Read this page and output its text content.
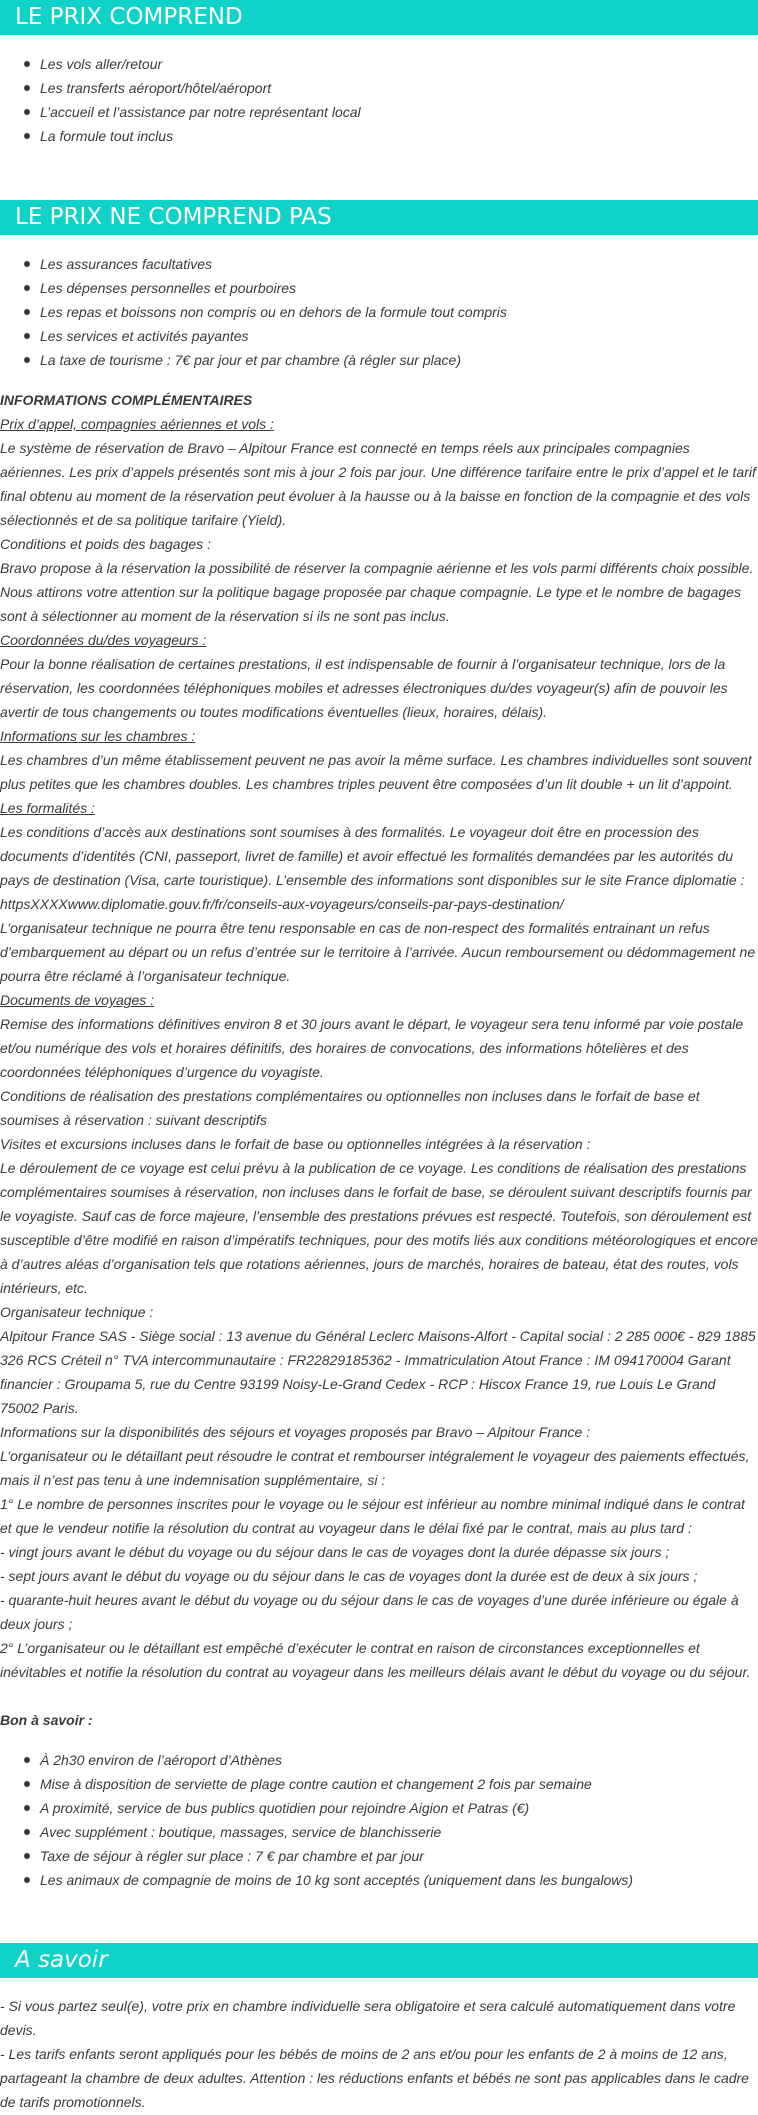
LE PRIX COMPREND
Les vols aller/retour
Les transferts aéroport/hôtel/aéroport
L’accueil et l’assistance par notre représentant local
La formule tout inclus
LE PRIX NE COMPREND PAS
Les assurances facultatives
Les dépenses personnelles et pourboires
Les repas et boissons non compris ou en dehors de la formule tout compris
Les services et activités payantes
La taxe de tourisme : 7€ par jour et par chambre (à régler sur place)

INFORMATIONS COMPLÉMENTAIRES

Prix d’appel, compagnies aériennes et vols :

Le système de réservation de Bravo – Alpitour France est connecté en temps réels aux principales compagnies aériennes. Les prix d’appels présentés sont mis à jour 2 fois par jour. Une différence tarifaire entre le prix d’appel et le tarif final obtenu au moment de la réservation peut évoluer à la hausse ou à la baisse en fonction de la compagnie et des vols sélectionnés et de sa politique tarifaire (Yield).

Conditions et poids des bagages :

Bravo propose à la réservation la possibilité de réserver la compagnie aérienne et les vols parmi différents choix possible. Nous attirons votre attention sur la politique bagage proposée par chaque compagnie. Le type et le nombre de bagages sont à sélectionner au moment de la réservation si ils ne sont pas inclus.

Coordonnées du/des voyageurs :

Pour la bonne réalisation de certaines prestations, il est indispensable de fournir à l’organisateur technique, lors de la réservation, les coordonnées téléphoniques mobiles et adresses électroniques du/des voyageur(s) afin de pouvoir les avertir de tous changements ou toutes modifications éventuelles (lieux, horaires, délais).

Informations sur les chambres :

Les chambres d’un même établissement peuvent ne pas avoir la même surface. Les chambres individuelles sont souvent plus petites que les chambres doubles. Les chambres triples peuvent être composées d’un lit double + un lit d’appoint.

Les formalités :

Les conditions d’accès aux destinations sont soumises à des formalités. Le voyageur doit être en procession des documents d’identités (CNI, passeport, livret de famille) et avoir effectué les formalités demandées par les autorités du pays de destination (Visa, carte touristique). L’ensemble des informations sont disponibles sur le site France diplomatie : httpsXXXXwww.diplomatie.gouv.fr/fr/conseils-aux-voyageurs/conseils-par-pays-destination/

L’organisateur technique ne pourra être tenu responsable en cas de non-respect des formalités entrainant un refus d’embarquement au départ ou un refus d’entrée sur le territoire à l’arrivée. Aucun remboursement ou dédommagement ne pourra être réclamé à l’organisateur technique.

Documents de voyages :

Remise des informations définitives environ 8 et 30 jours avant le départ, le voyageur sera tenu informé par voie postale et/ou numérique des vols et horaires définitifs, des horaires de convocations, des informations hôtelières et des coordonnées téléphoniques d’urgence du voyagiste.

Conditions de réalisation des prestations complémentaires ou optionnelles non incluses dans le forfait de base et soumises à réservation : suivant descriptifs

Visites et excursions incluses dans le forfait de base ou optionnelles intégrées à la réservation :

Le déroulement de ce voyage est celui prévu à la publication de ce voyage. Les conditions de réalisation des prestations complémentaires soumises à réservation, non incluses dans le forfait de base, se déroulent suivant descriptifs fournis par le voyagiste. Sauf cas de force majeure, l’ensemble des prestations prévues est respecté. Toutefois, son déroulement est susceptible d’être modifié en raison d’impératifs techniques, pour des motifs liés aux conditions météorologiques et encore à d’autres aléas d’organisation tels que rotations aériennes, jours de marchés, horaires de bateau, état des routes, vols intérieurs, etc.

Organisateur technique :

Alpitour France SAS - Siège social : 13 avenue du Général Leclerc Maisons-Alfort - Capital social : 2 285 000€ - 829 1885 326 RCS Créteil n° TVA intercommunautaire : FR22829185362 - Immatriculation Atout France : IM 094170004 Garant financier : Groupama 5, rue du Centre 93199 Noisy-Le-Grand Cedex - RCP : Hiscox France 19, rue Louis Le Grand 75002 Paris.

Informations sur la disponibilités des séjours et voyages proposés par Bravo – Alpitour France :

L’organisateur ou le détaillant peut résoudre le contrat et rembourser intégralement le voyageur des paiements effectués, mais il n’est pas tenu à une indemnisation supplémentaire, si :

1° Le nombre de personnes inscrites pour le voyage ou le séjour est inférieur au nombre minimal indiqué dans le contrat et que le vendeur notifie la résolution du contrat au voyageur dans le délai fixé par le contrat, mais au plus tard :

- vingt jours avant le début du voyage ou du séjour dans le cas de voyages dont la durée dépasse six jours ;

- sept jours avant le début du voyage ou du séjour dans le cas de voyages dont la durée est de deux à six jours ;

- quarante-huit heures avant le début du voyage ou du séjour dans le cas de voyages d’une durée inférieure ou égale à deux jours ;

2° L’organisateur ou le détaillant est empêché d’exécuter le contrat en raison de circonstances exceptionnelles et inévitables et notifie la résolution du contrat au voyageur dans les meilleurs délais avant le début du voyage ou du séjour.

Bon à savoir :

À 2h30 environ de l’aéroport d’Athènes
Mise à disposition de serviette de plage contre caution et changement 2 fois par semaine
A proximité, service de bus publics quotidien pour rejoindre Aigion et Patras (€)
Avec supplément : boutique, massages, service de blanchisserie
Taxe de séjour à régler sur place : 7 € par chambre et par jour
Les animaux de compagnie de moins de 10 kg sont acceptés (uniquement dans les bungalows)
A savoir

- Si vous partez seul(e), votre prix en chambre individuelle sera obligatoire et sera calculé automatiquement dans votre devis.

- Les tarifs enfants seront appliqués pour les bébés de moins de 2 ans et/ou pour les enfants de 2 à moins de 12 ans, partageant la chambre de deux adultes. Attention : les réductions enfants et bébés ne sont pas applicables dans le cadre de tarifs promotionnels.
